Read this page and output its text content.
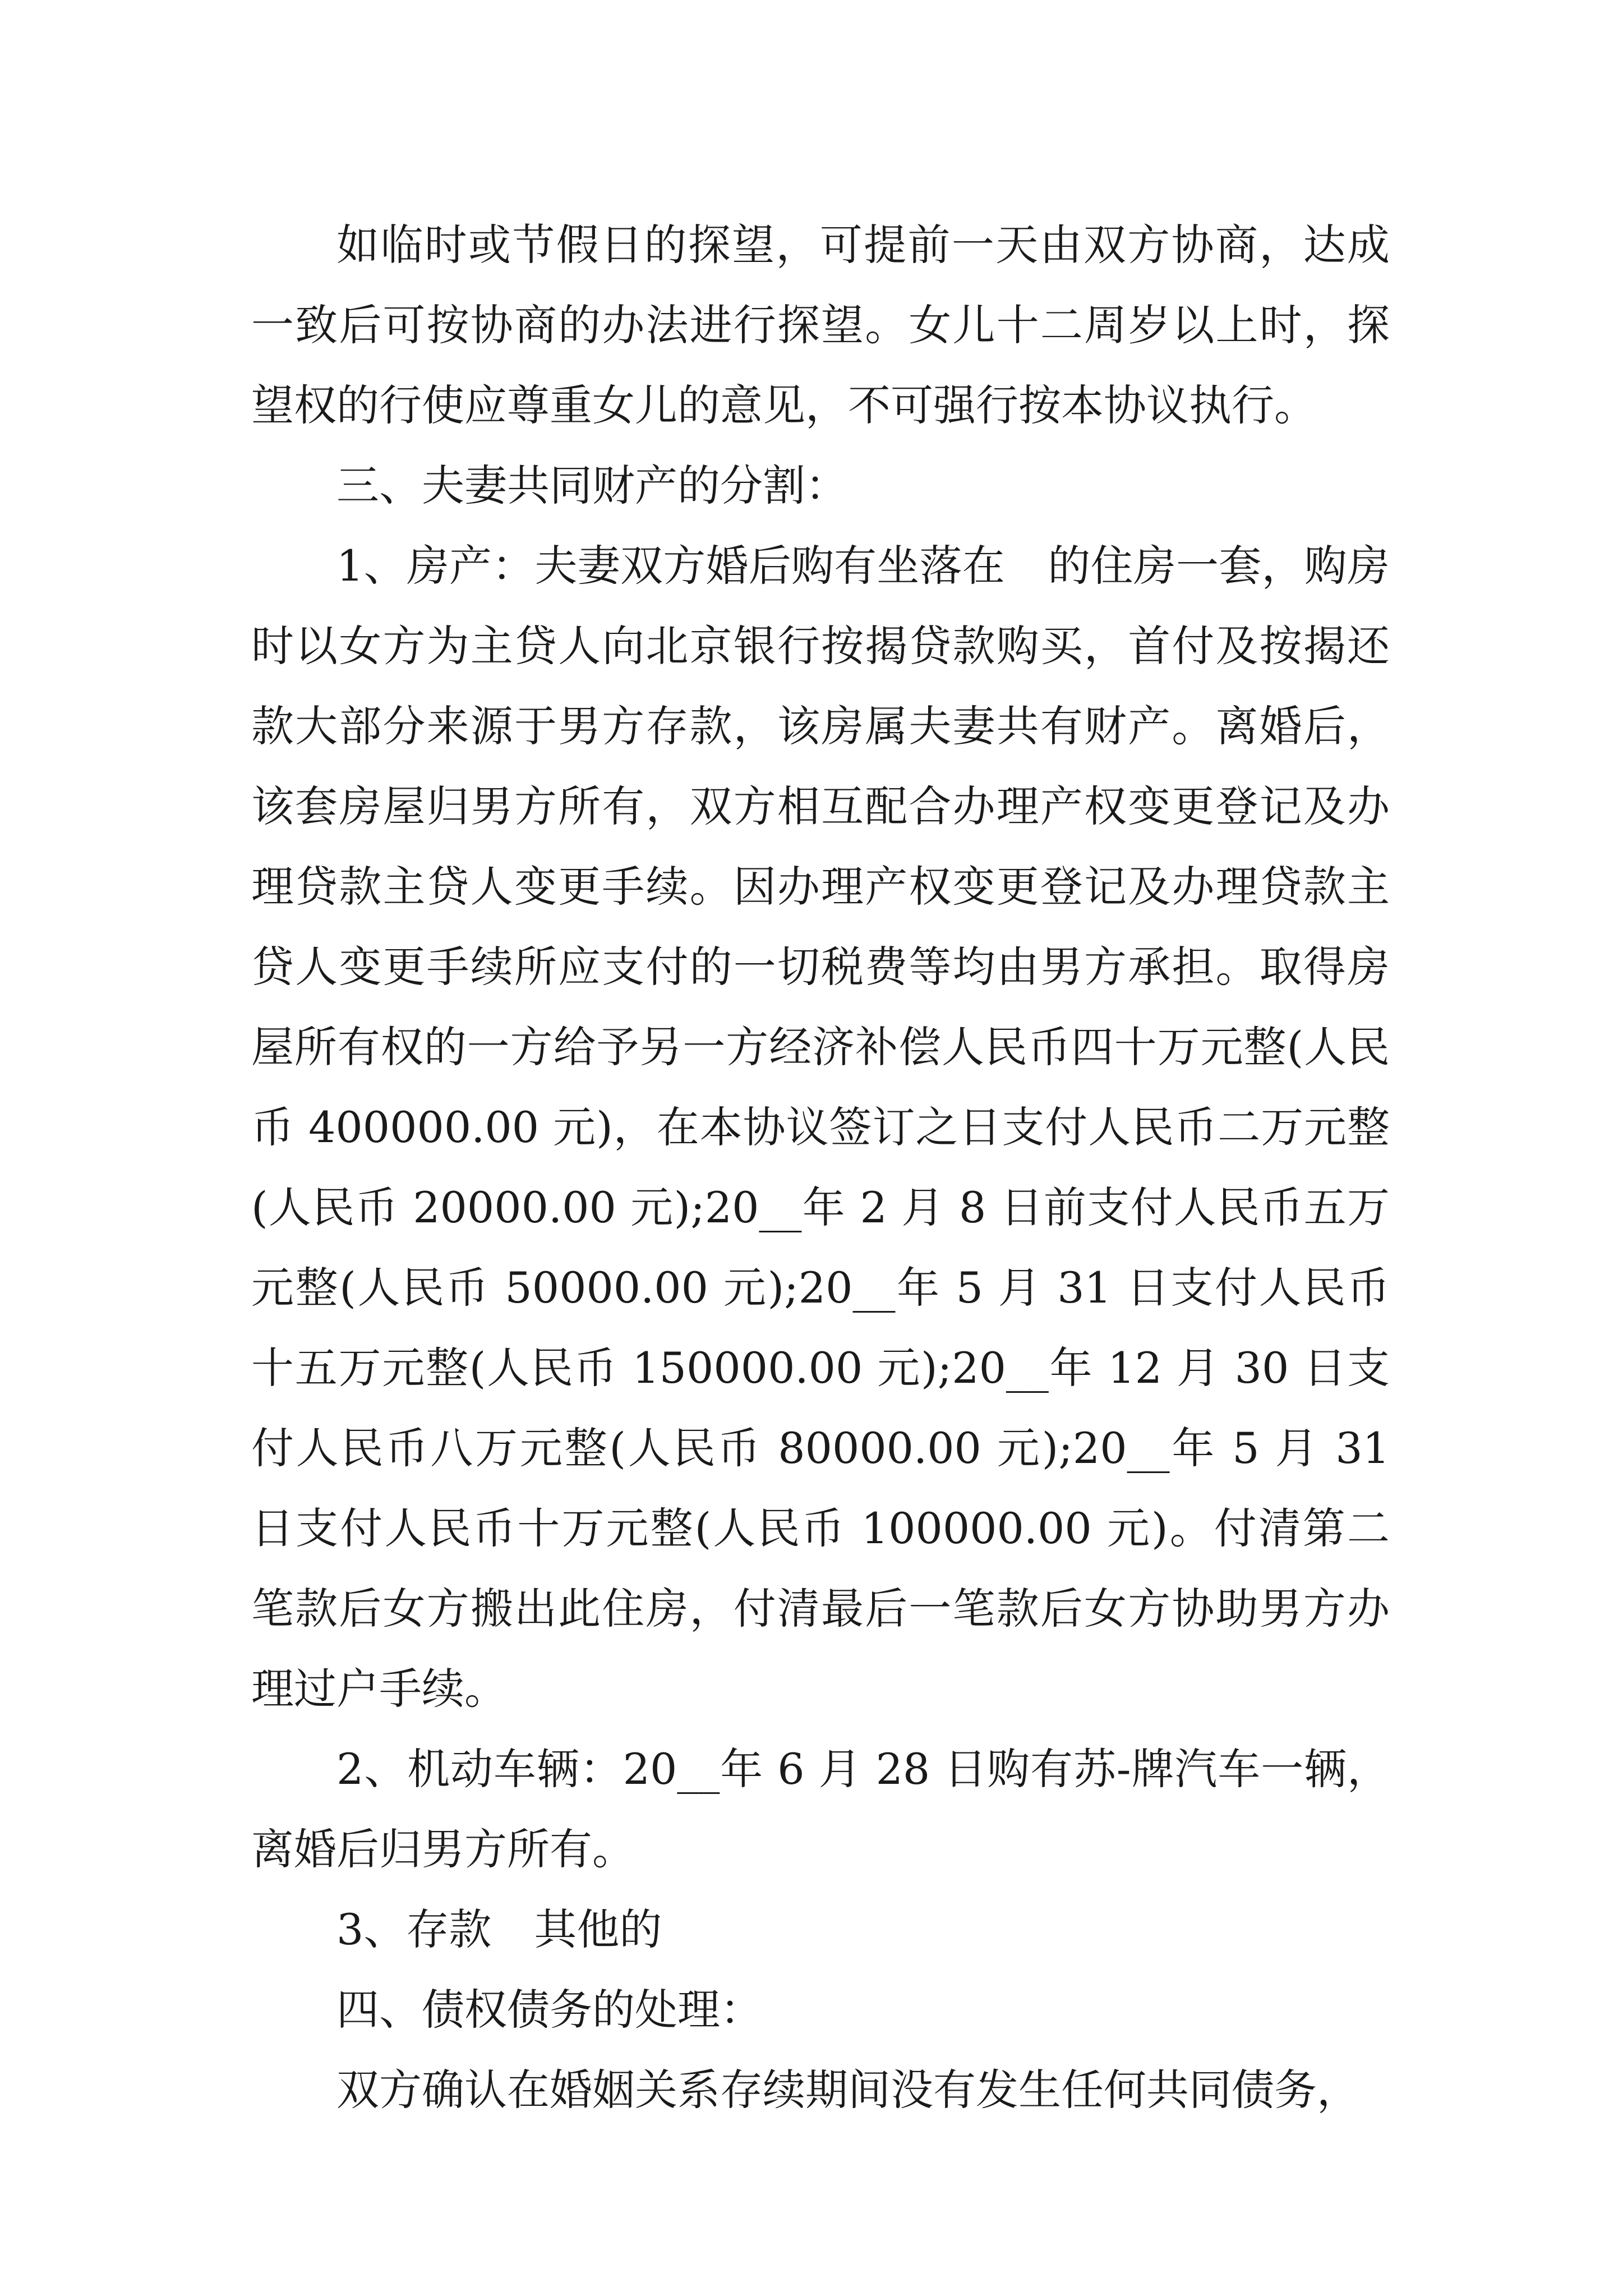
如临时或节假日的探望，可提前一天由双方协商，达成一致后可按协商的办法进行探望。女儿十二周岁以上时，探望权的行使应尊重女儿的意见，不可强行按本协议执行。

三、夫妻共同财产的分割：

1、房产：夫妻双方婚后购有坐落在　的住房一套，购房时以女方为主贷人向北京银行按揭贷款购买，首付及按揭还款大部分来源于男方存款，该房属夫妻共有财产。离婚后，该套房屋归男方所有，双方相互配合办理产权变更登记及办理贷款主贷人变更手续。因办理产权变更登记及办理贷款主贷人变更手续所应支付的一切税费等均由男方承担。取得房屋所有权的一方给予另一方经济补偿人民币四十万元整(人民币 400000.00 元)，在本协议签订之日支付人民币二万元整(人民币 20000.00 元);20__年 2 月 8 日前支付人民币五万元整(人民币 50000.00 元);20__年 5 月 31 日支付人民币十五万元整(人民币 150000.00 元);20__年 12 月 30 日支付人民币八万元整(人民币 80000.00 元);20__年 5 月 31 日支付人民币十万元整(人民币 100000.00 元)。付清第二笔款后女方搬出此住房，付清最后一笔款后女方协助男方办理过户手续。

2、机动车辆：20__年 6 月 28 日购有苏-牌汽车一辆，离婚后归男方所有。

3、存款　其他的

四、债权债务的处理：

双方确认在婚姻关系存续期间没有发生任何共同债务，
